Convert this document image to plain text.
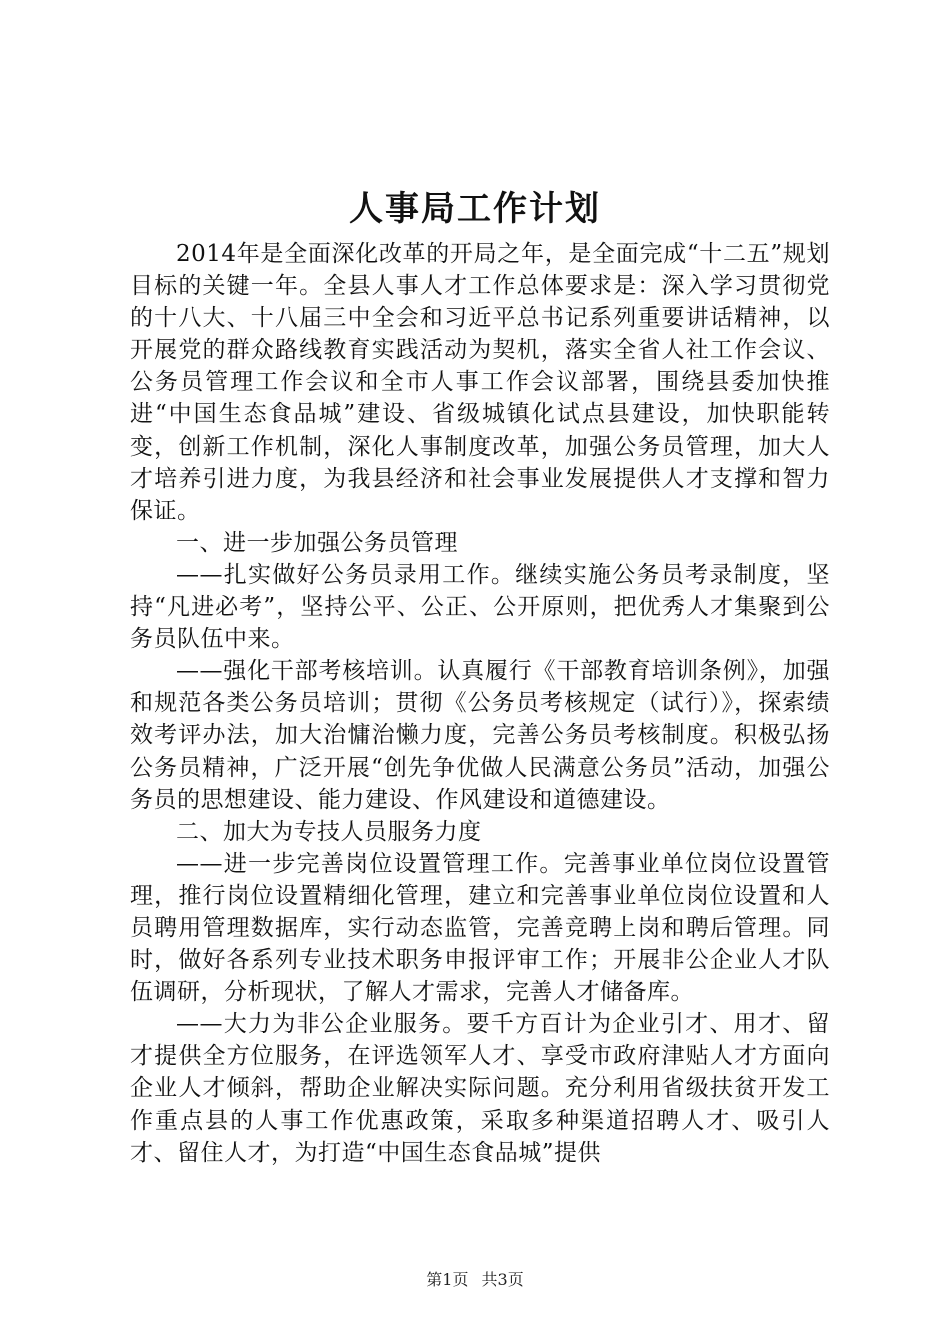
人事局工作计划

2014年是全面深化改革的开局之年，是全面完成“十二五”规划目标的关键一年。全县人事人才工作总体要求是：深入学习贯彻党的十八大、十八届三中全会和习近平总书记系列重要讲话精神，以开展党的群众路线教育实践活动为契机，落实全省人社工作会议、公务员管理工作会议和全市人事工作会议部署，围绕县委加快推进“中国生态食品城”建设、省级城镇化试点县建设，加快职能转变，创新工作机制，深化人事制度改革，加强公务员管理，加大人才培养引进力度，为我县经济和社会事业发展提供人才支撑和智力保证。

一、进一步加强公务员管理

——扎实做好公务员录用工作。继续实施公务员考录制度，坚持“凡进必考”，坚持公平、公正、公开原则，把优秀人才集聚到公务员队伍中来。

——强化干部考核培训。认真履行《干部教育培训条例》，加强和规范各类公务员培训；贯彻《公务员考核规定（试行）》，探索绩效考评办法，加大治慵治懒力度，完善公务员考核制度。积极弘扬公务员精神，广泛开展“创先争优做人民满意公务员”活动，加强公务员的思想建设、能力建设、作风建设和道德建设。

二、加大为专技人员服务力度

——进一步完善岗位设置管理工作。完善事业单位岗位设置管理，推行岗位设置精细化管理，建立和完善事业单位岗位设置和人员聘用管理数据库，实行动态监管，完善竞聘上岗和聘后管理。同时，做好各系列专业技术职务申报评审工作；开展非公企业人才队伍调研，分析现状，了解人才需求，完善人才储备库。

——大力为非公企业服务。要千方百计为企业引才、用才、留才提供全方位服务，在评选领军人才、享受市政府津贴人才方面向企业人才倾斜，帮助企业解决实际问题。充分利用省级扶贫开发工作重点县的人事工作优惠政策，采取多种渠道招聘人才、吸引人才、留住人才，为打造“中国生态食品城”提供

第1页 共3页
